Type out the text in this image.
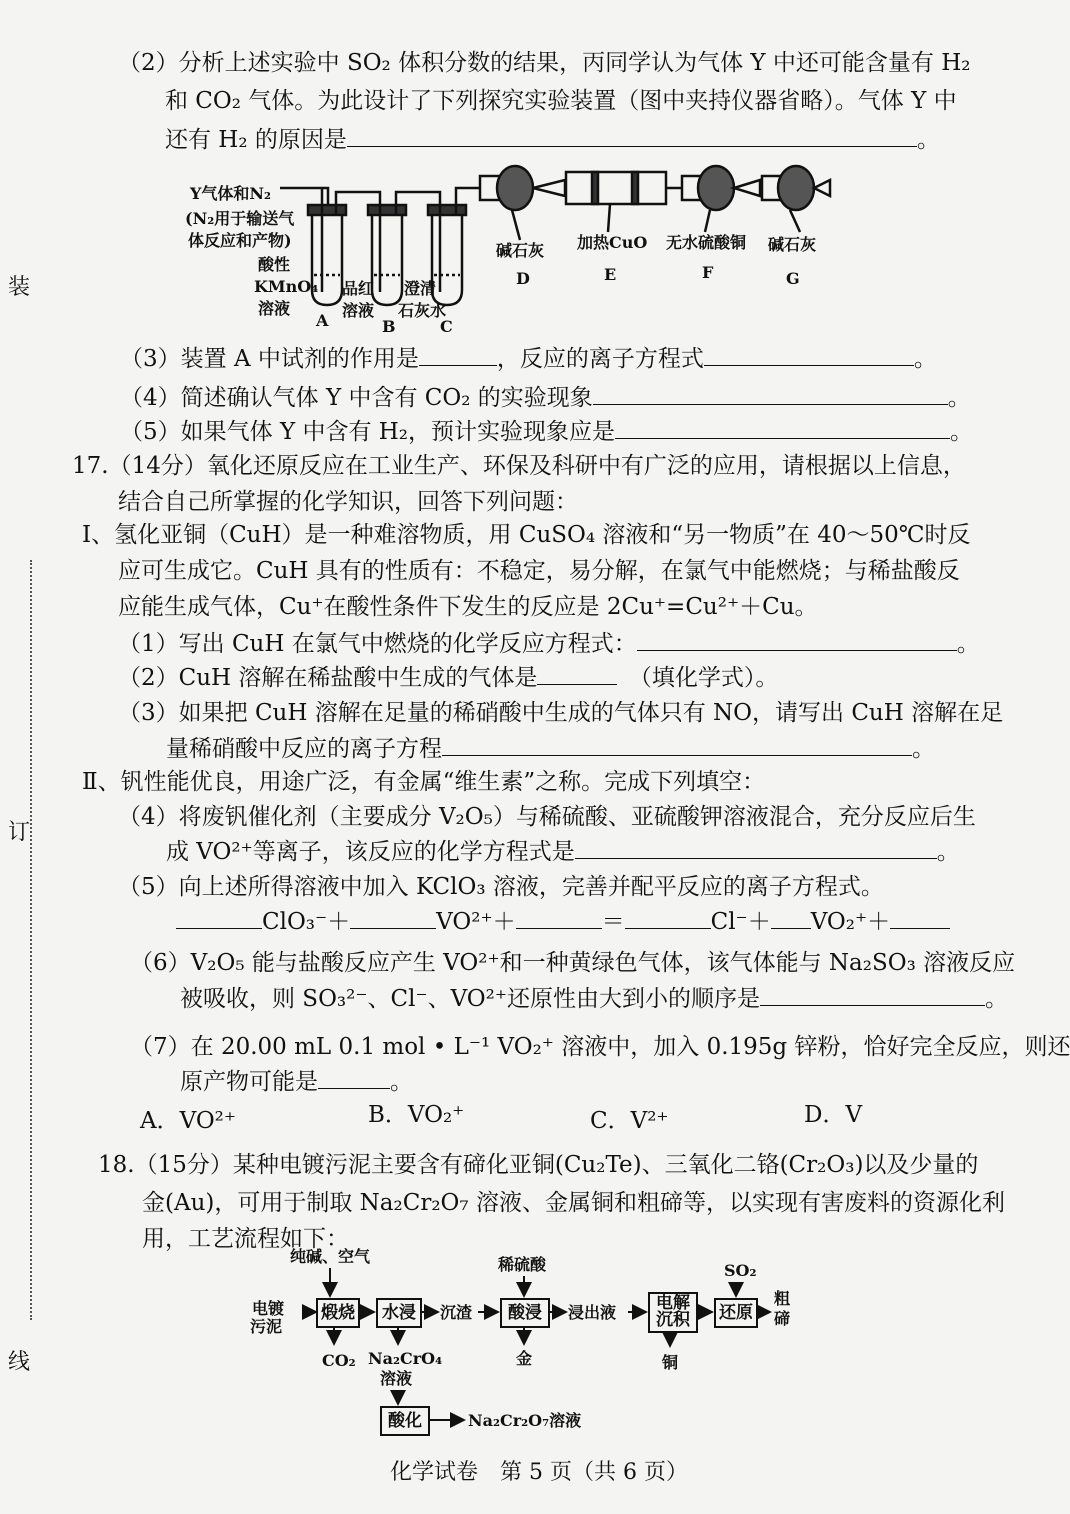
装
订
线
（2）分析上述实验中 SO₂ 体积分数的结果，丙同学认为气体 Y 中还可能含量有 H₂
和 CO₂ 气体。为此设计了下列探究实验装置（图中夹持仪器省略）。气体 Y 中
还有 H₂ 的原因是	。
Y气体和N₂
(N₂用于输送气
体反应和产物)
酸性
KMnO₄
溶液
A
品红
溶液
B
澄清
石灰水
C
碱石灰
D
加热CuO
E
无水硫酸铜
F
碱石灰
G
（3）装置 A 中试剂的作用是	，反应的离子方程式	。
（4）简述确认气体 Y 中含有 CO₂ 的实验现象	。
（5）如果气体 Y 中含有 H₂，预计实验现象应是	。
17.（14分）氧化还原反应在工业生产、环保及科研中有广泛的应用，请根据以上信息，
结合自己所掌握的化学知识，回答下列问题：
Ⅰ、氢化亚铜（CuH）是一种难溶物质，用 CuSO₄ 溶液和“另一物质”在 40～50℃时反
应可生成它。CuH 具有的性质有：不稳定，易分解，在氯气中能燃烧；与稀盐酸反
应能生成气体，Cu⁺在酸性条件下发生的反应是 2Cu⁺=Cu²⁺＋Cu。
（1）写出 CuH 在氯气中燃烧的化学反应方程式：	。
（2）CuH 溶解在稀盐酸中生成的气体是　	（填化学式）。
（3）如果把 CuH 溶解在足量的稀硝酸中生成的气体只有 NO，请写出 CuH 溶解在足
量稀硝酸中反应的离子方程	。
Ⅱ、钒性能优良，用途广泛，有金属“维生素”之称。完成下列填空：
（4）将废钒催化剂（主要成分 V₂O₅）与稀硫酸、亚硫酸钾溶液混合，充分反应后生
成 VO²⁺等离子，该反应的化学方程式是	。
（5）向上述所得溶液中加入 KClO₃ 溶液，完善并配平反应的离子方程式。
ClO₃⁻＋	VO²⁺＋	＝	Cl⁻＋ VO₂⁺＋
（6）V₂O₅ 能与盐酸反应产生 VO²⁺和一种黄绿色气体，该气体能与 Na₂SO₃ 溶液反应
被吸收，则 SO₃²⁻、Cl⁻、VO²⁺还原性由大到小的顺序是	。
（7）在 20.00 mL 0.1 mol • L⁻¹ VO₂⁺ 溶液中，加入 0.195g 锌粉，恰好完全反应，则还
原产物可能是	。
A．VO²⁺	B．VO₂⁺	C．V²⁺	D．V
18.（15分）某种电镀污泥主要含有碲化亚铜(Cu₂Te)、三氧化二铬(Cr₂O₃)以及少量的
金(Au)，可用于制取 Na₂Cr₂O₇ 溶液、金属铜和粗碲等，以实现有害废料的资源化利
用，工艺流程如下：
纯碱、空气	稀硫酸	SO₂
电镀
污泥
煅烧	水浸	沉渣	酸浸	浸出液	电解
沉积	还原
粗
碲
CO₂ Na₂CrO₄
溶液
金	铜
酸化	Na₂Cr₂O₇溶液
化学试卷　第 5 页（共 6 页）
